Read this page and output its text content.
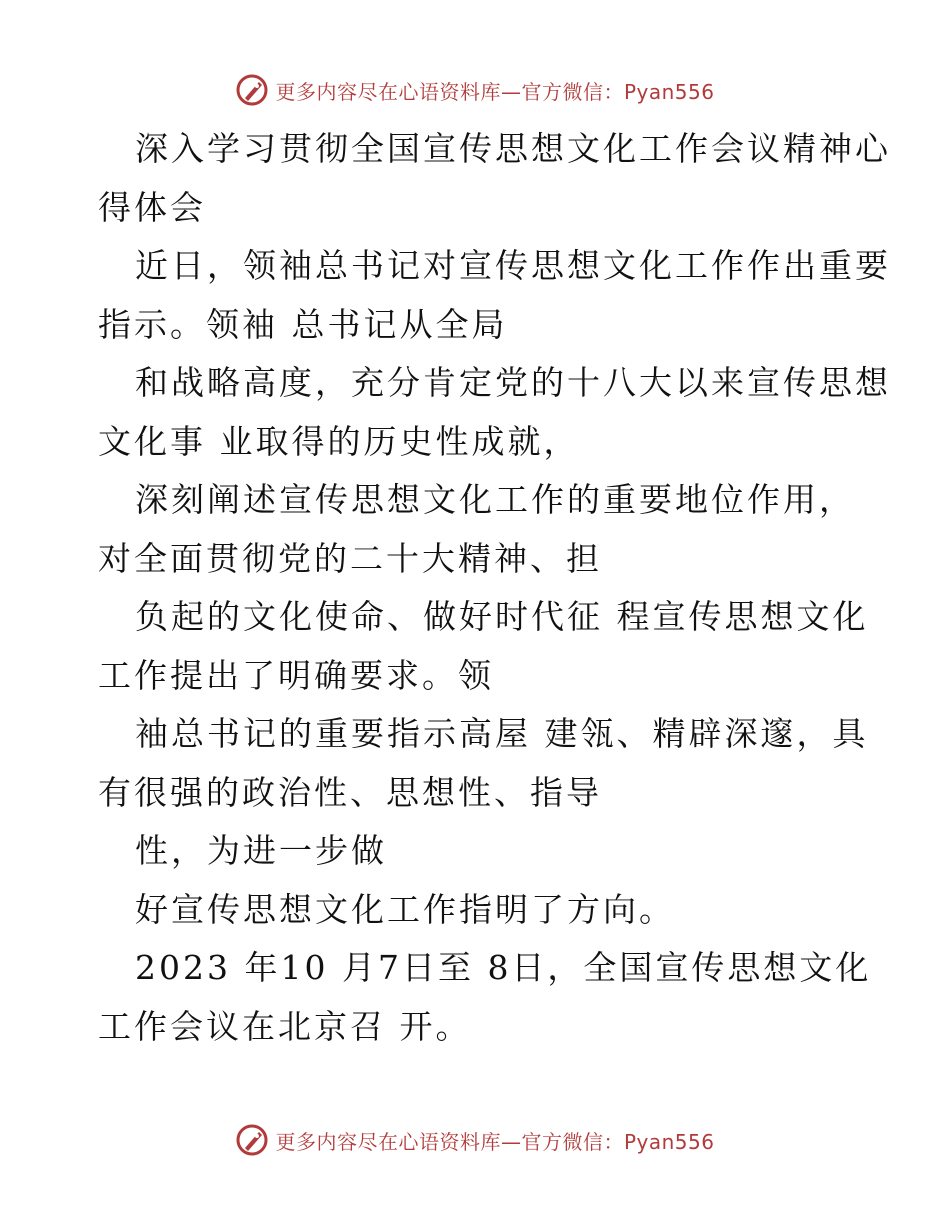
更多内容尽在心语资料库—官方微信：Pyan556
深入学习贯彻全国宣传思想文化工作会议精神心
得体会
近日，领袖总书记对宣传思想文化工作作出重要
指示。领袖 总书记从全局
和战略高度，充分肯定党的十八大以来宣传思想
文化事 业取得的历史性成就，
深刻阐述宣传思想文化工作的重要地位作用，
对全面贯彻党的二十大精神、担
负起的文化使命、做好时代征 程宣传思想文化
工作提出了明确要求。领
袖总书记的重要指示高屋 建瓴、精辟深邃，具
有很强的政治性、思想性、指导
性，为进一步做
好宣传思想文化工作指明了方向。
2023 年10 月7日至 8日，全国宣传思想文化
工作会议在北京召 开。
更多内容尽在心语资料库—官方微信：Pyan556
